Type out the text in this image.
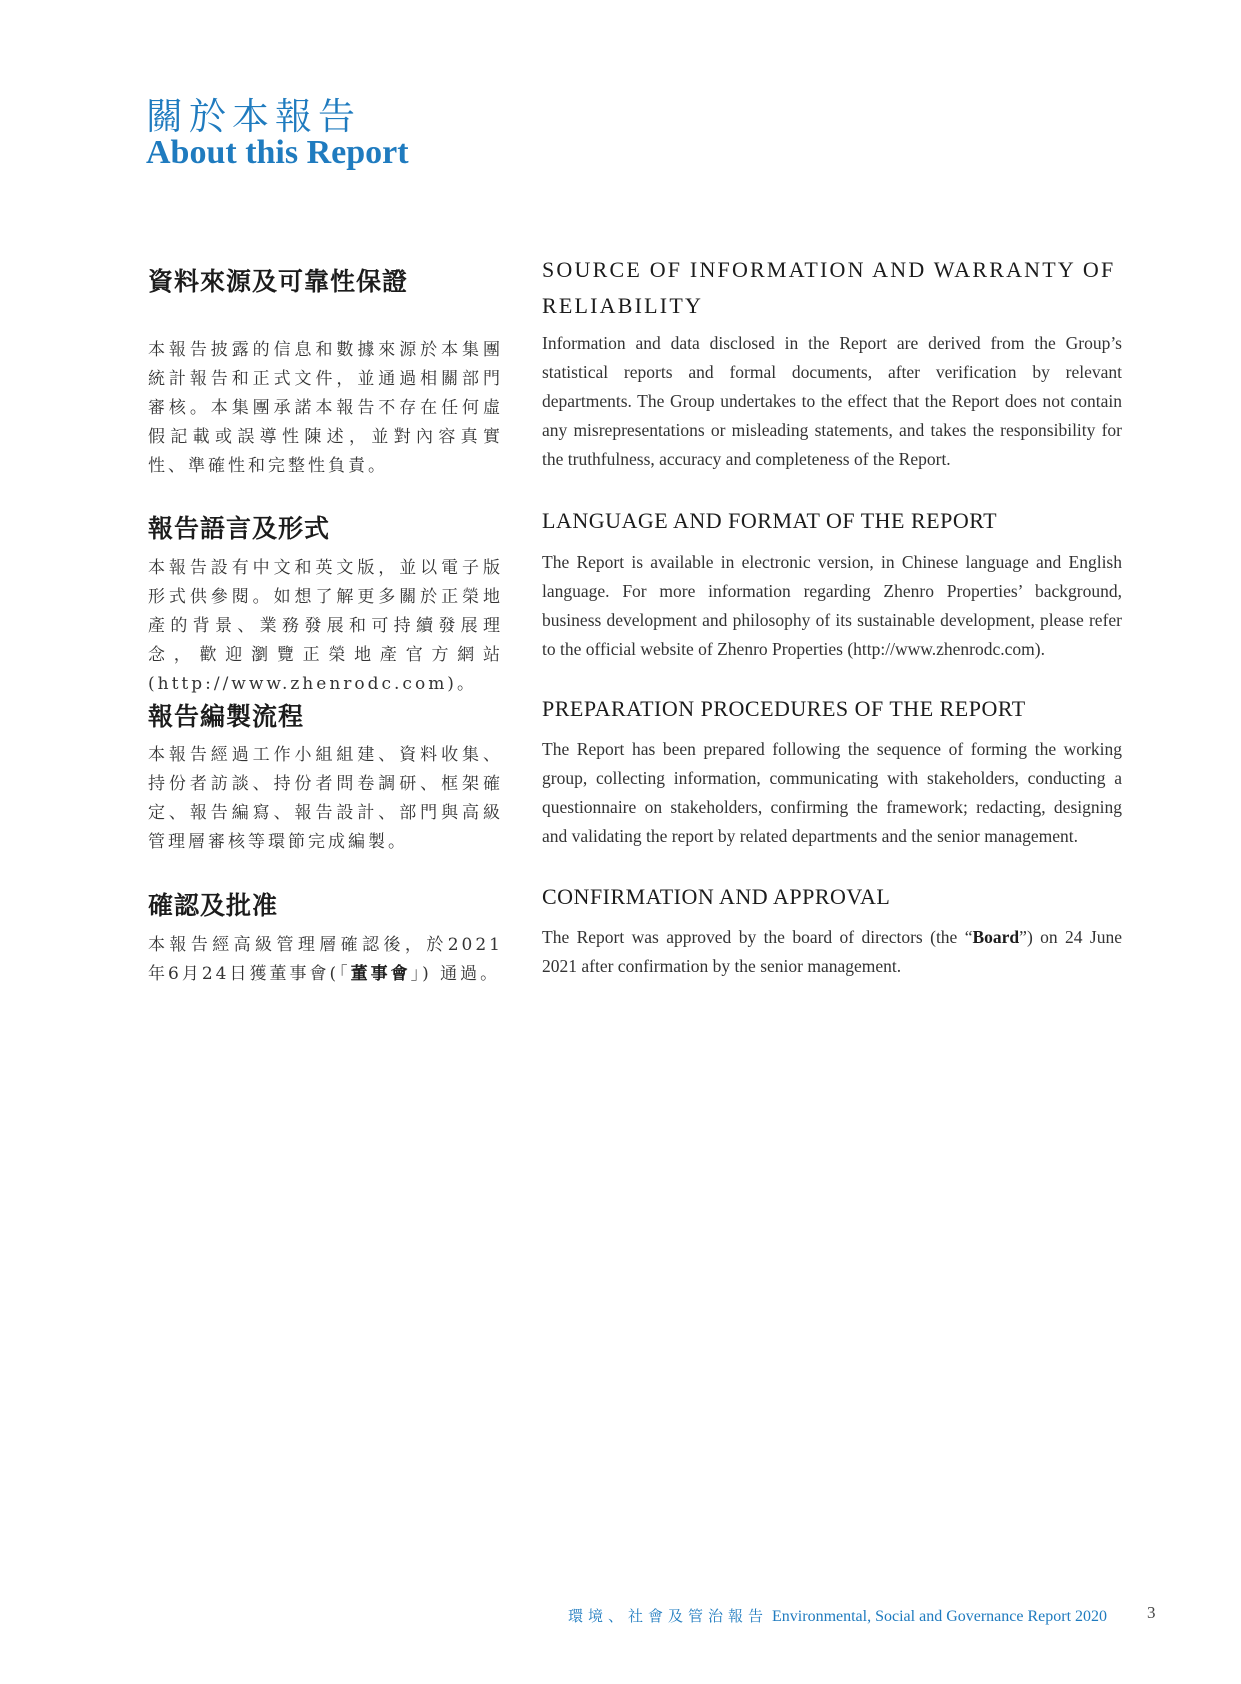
關於本報告
About this Report
資料來源及可靠性保證
本報告披露的信息和數據來源於本集團統計報告和正式文件，並通過相關部門審核。本集團承諾本報告不存在任何虛假記載或誤導性陳述，並對內容真實性、準確性和完整性負責。
SOURCE OF INFORMATION AND WARRANTY OF RELIABILITY
Information and data disclosed in the Report are derived from the Group’s statistical reports and formal documents, after verification by relevant departments. The Group undertakes to the effect that the Report does not contain any misrepresentations or misleading statements, and takes the responsibility for the truthfulness, accuracy and completeness of the Report.
報告語言及形式
本報告設有中文和英文版，並以電子版形式供參閱。如想了解更多關於正榮地產的背景、業務發展和可持續發展理念，歡迎瀏覽正榮地產官方網站 (http://www.zhenrodc.com)。
LANGUAGE AND FORMAT OF THE REPORT
The Report is available in electronic version, in Chinese language and English language. For more information regarding Zhenro Properties’ background, business development and philosophy of its sustainable development, please refer to the official website of Zhenro Properties (http://www.zhenrodc.com).
報告編製流程
本報告經過工作小組組建、資料收集、持份者訪談、持份者問卷調研、框架確定、報告編寫、報告設計、部門與高級管理層審核等環節完成編製。
PREPARATION PROCEDURES OF THE REPORT
The Report has been prepared following the sequence of forming the working group, collecting information, communicating with stakeholders, conducting a questionnaire on stakeholders, confirming the framework; redacting, designing and validating the report by related departments and the senior management.
確認及批准
本報告經高級管理層確認後，於2021年6月24日獲董事會(「董事會」) 通過。
CONFIRMATION AND APPROVAL
The Report was approved by the board of directors (the “Board”) on 24 June 2021 after confirmation by the senior management.
環境、社會及管治報告 Environmental, Social and Governance Report 2020	3
